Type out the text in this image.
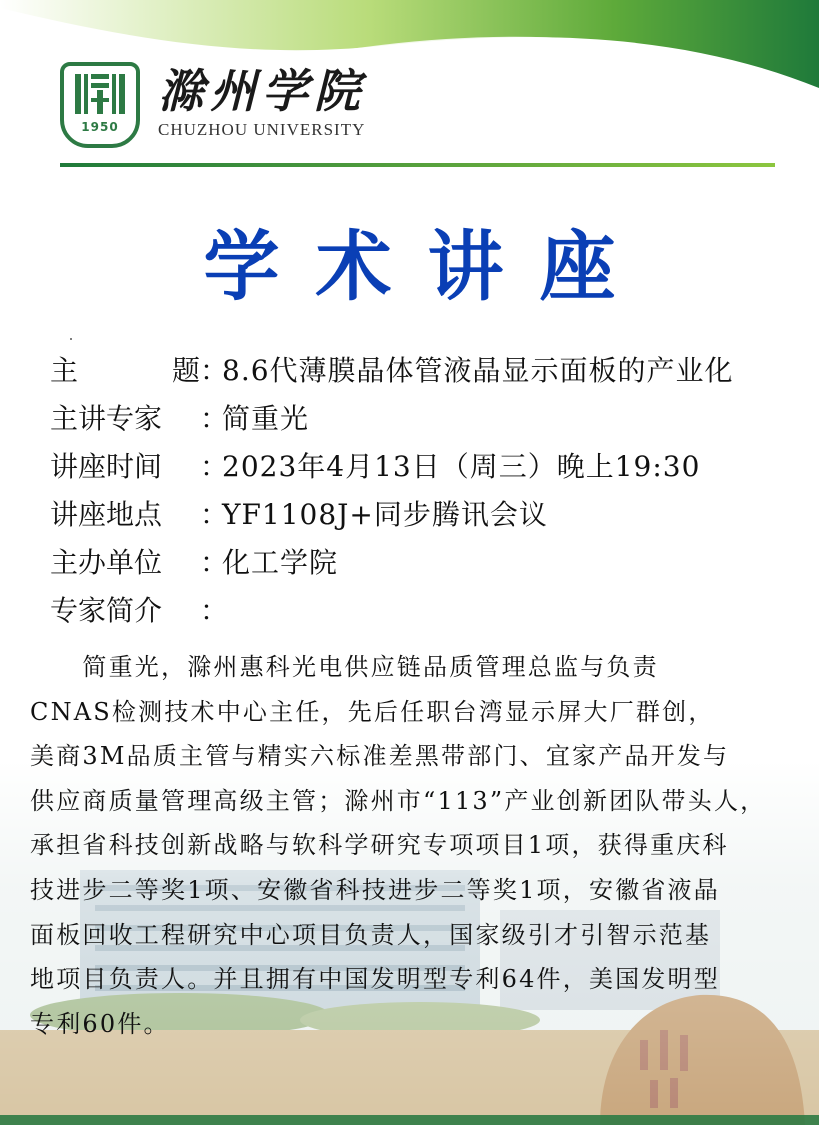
1950
滁州学院
CHUZHOU UNIVERSITY
学术讲座
主	题 ：
8.6代薄膜晶体管液晶显示面板的产业化
主讲专家	：
简重光
讲座时间	：
2023年4月13日（周三）晚上19:30
讲座地点	：
YF1108J+同步腾讯会议
主办单位	：
化工学院
专家简介	：
　　简重光，滁州惠科光电供应链品质管理总监与负责
CNAS检测技术中心主任，先后任职台湾显示屏大厂群创，
美商3M品质主管与精实六标准差黑带部门、宜家产品开发与
供应商质量管理高级主管；滁州市“113”产业创新团队带头人，
承担省科技创新战略与软科学研究专项项目1项，获得重庆科
技进步二等奖1项、安徽省科技进步二等奖1项，安徽省液晶
面板回收工程研究中心项目负责人，国家级引才引智示范基
地项目负责人。并且拥有中国发明型专利64件，美国发明型
专利60件。
